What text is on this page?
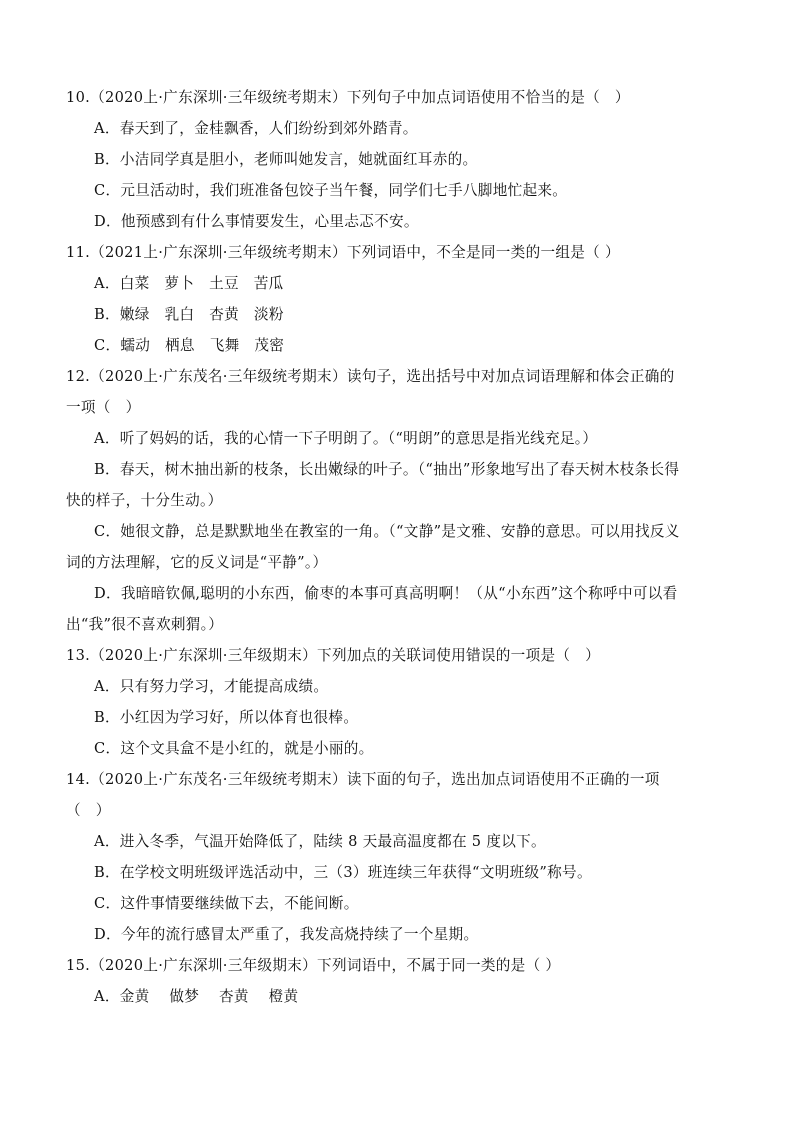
10.（2020上·广东深圳·三年级统考期末）下列句子中加点词语使用不恰当的是（　）
A．春天到了，金桂飘香，人们纷纷到郊外踏青。
B．小洁同学真是胆小，老师叫她发言，她就面红耳赤的。
C．元旦活动时，我们班准备包饺子当午餐，同学们七手八脚地忙起来。
D．他预感到有什么事情要发生，心里忐忑不安。
11.（2021上·广东深圳·三年级统考期末）下列词语中，不全是同一类的一组是（ ）
A．白菜　萝卜　土豆　苦瓜
B．嫩绿　乳白　杏黄　淡粉
C．蠕动　栖息　飞舞　茂密
12.（2020上·广东茂名·三年级统考期末）读句子，选出括号中对加点词语理解和体会正确的
一项（　）
A．听了妈妈的话，我的心情一下子明朗了。（“明朗”的意思是指光线充足。）
B．春天，树木抽出新的枝条，长出嫩绿的叶子。（“抽出”形象地写出了春天树木枝条长得
快的样子，十分生动。）
C．她很文静，总是默默地坐在教室的一角。（“文静”是文雅、安静的意思。可以用找反义
词的方法理解，它的反义词是“平静”。）
D．我暗暗钦佩,聪明的小东西，偷枣的本事可真高明啊！（从“小东西”这个称呼中可以看
出“我”很不喜欢刺猬。）
13.（2020上·广东深圳·三年级期末）下列加点的关联词使用错误的一项是（　）
A．只有努力学习，才能提高成绩。
B．小红因为学习好，所以体育也很棒。
C．这个文具盒不是小红的，就是小丽的。
14.（2020上·广东茂名·三年级统考期末）读下面的句子，选出加点词语使用不正确的一项
（　）
A．进入冬季，气温开始降低了，陆续 8 天最高温度都在 5 度以下。
B．在学校文明班级评选活动中，三（3）班连续三年获得“文明班级”称号。
C．这件事情要继续做下去，不能间断。
D．今年的流行感冒太严重了，我发高烧持续了一个星期。
15.（2020上·广东深圳·三年级期末）下列词语中，不属于同一类的是（ ）
A．金黄　 做梦　 杏黄　 橙黄
